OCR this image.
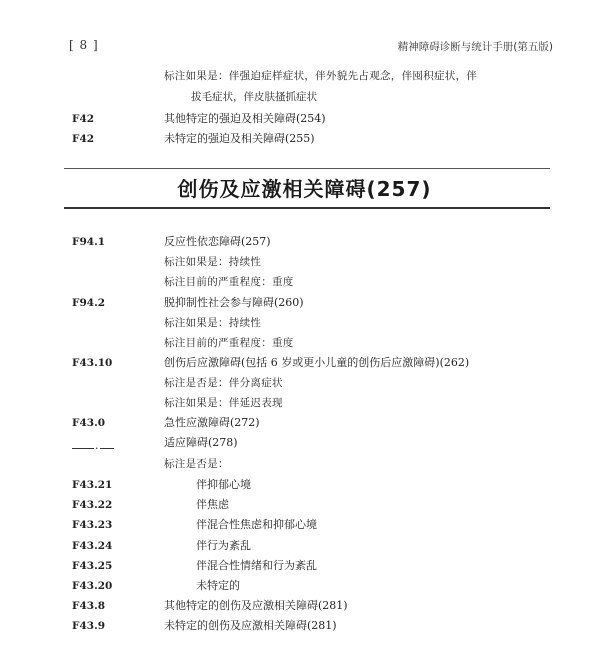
[ 8 ]	精神障碍诊断与统计手册(第五版)
标注如果是：伴强迫症样症状，伴外貌先占观念，伴囤积症状，伴
拔毛症状，伴皮肤搔抓症状
F42	其他特定的强迫及相关障碍(254)
F42	未特定的强迫及相关障碍(255)
创伤及应激相关障碍(257)
F94.1	反应性依恋障碍(257)
标注如果是：持续性
标注目前的严重程度：重度
F94.2	脱抑制性社会参与障碍(260)
标注如果是：持续性
标注目前的严重程度：重度
F43.10	创伤后应激障碍(包括 6 岁或更小儿童的创伤后应激障碍)(262)
标注是否是：伴分离症状
标注如果是：伴延迟表现
F43.0	急性应激障碍(272)
.	适应障碍(278)
标注是否是：
F43.21	伴抑郁心境
F43.22	伴焦虑
F43.23	伴混合性焦虑和抑郁心境
F43.24	伴行为紊乱
F43.25	伴混合性情绪和行为紊乱
F43.20	未特定的
F43.8	其他特定的创伤及应激相关障碍(281)
F43.9	未特定的创伤及应激相关障碍(281)
